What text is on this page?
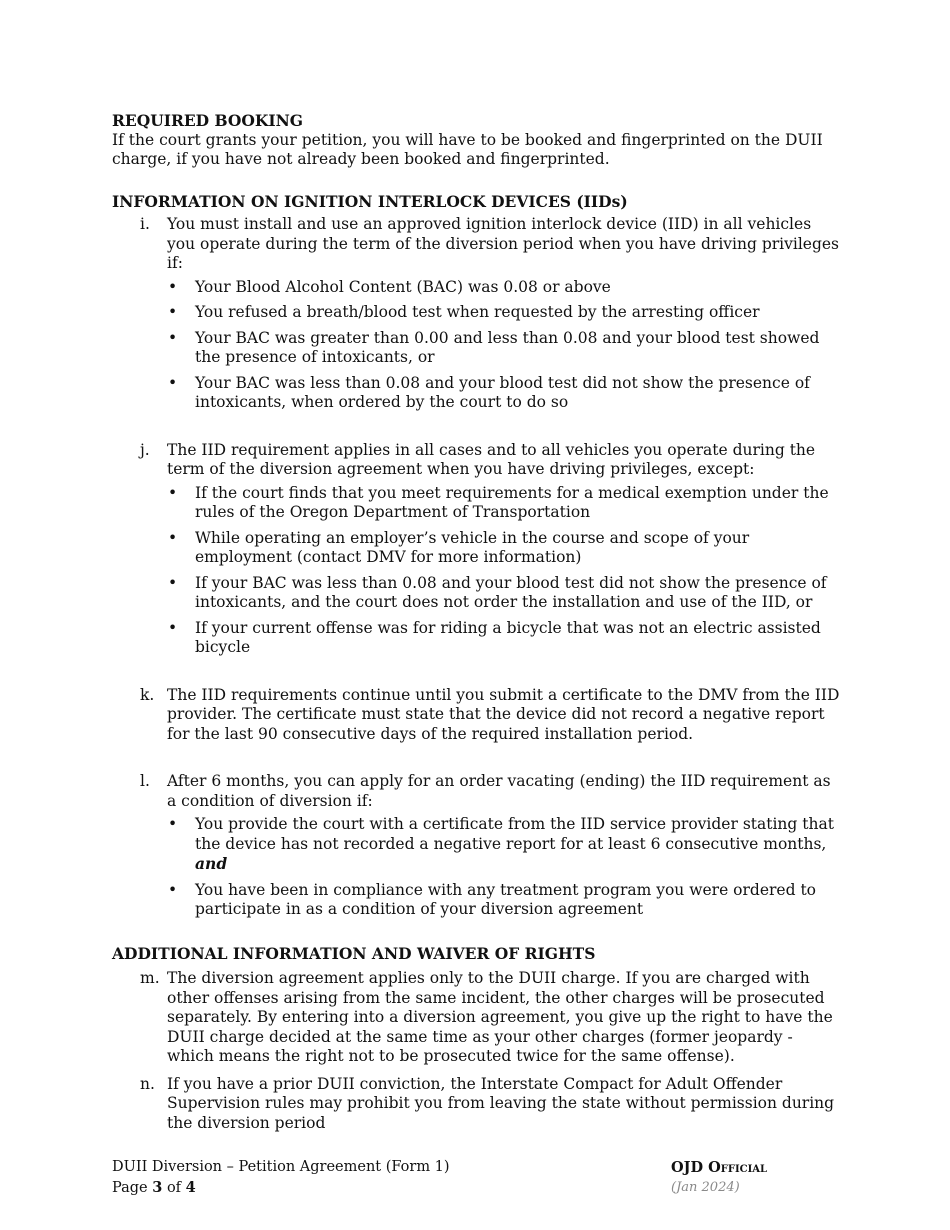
REQUIRED BOOKING

If the court grants your petition, you will have to be booked and fingerprinted on the DUII charge, if you have not already been booked and fingerprinted.

INFORMATION ON IGNITION INTERLOCK DEVICES (IIDs)
i. You must install and use an approved ignition interlock device (IID) in all vehicles you operate during the term of the diversion period when you have driving privileges if:

• Your Blood Alcohol Content (BAC) was 0.08 or above
• You refused a breath/blood test when requested by the arresting officer
• Your BAC was greater than 0.00 and less than 0.08 and your blood test showed the presence of intoxicants, or
• Your BAC was less than 0.08 and your blood test did not show the presence of intoxicants, when ordered by the court to do so
j. The IID requirement applies in all cases and to all vehicles you operate during the term of the diversion agreement when you have driving privileges, except:

• If the court finds that you meet requirements for a medical exemption under the rules of the Oregon Department of Transportation
• While operating an employer’s vehicle in the course and scope of your employment (contact DMV for more information)
• If your BAC was less than 0.08 and your blood test did not show the presence of intoxicants, and the court does not order the installation and use of the IID, or
• If your current offense was for riding a bicycle that was not an electric assisted bicycle
k. The IID requirements continue until you submit a certificate to the DMV from the IID provider. The certificate must state that the device did not record a negative report for the last 90 consecutive days of the required installation period.

l. After 6 months, you can apply for an order vacating (ending) the IID requirement as a condition of diversion if:

• You provide the court with a certificate from the IID service provider stating that the device has not recorded a negative report for at least 6 consecutive months, and
• You have been in compliance with any treatment program you were ordered to participate in as a condition of your diversion agreement
ADDITIONAL INFORMATION AND WAIVER OF RIGHTS
m. The diversion agreement applies only to the DUII charge. If you are charged with other offenses arising from the same incident, the other charges will be prosecuted separately. By entering into a diversion agreement, you give up the right to have the DUII charge decided at the same time as your other charges (former jeopardy - which means the right not to be prosecuted twice for the same offense).

n. If you have a prior DUII conviction, the Interstate Compact for Adult Offender Supervision rules may prohibit you from leaving the state without permission during the diversion period

DUII Diversion – Petition Agreement (Form 1)
Page 3 of 4
OJD Official
(Jan 2024)
